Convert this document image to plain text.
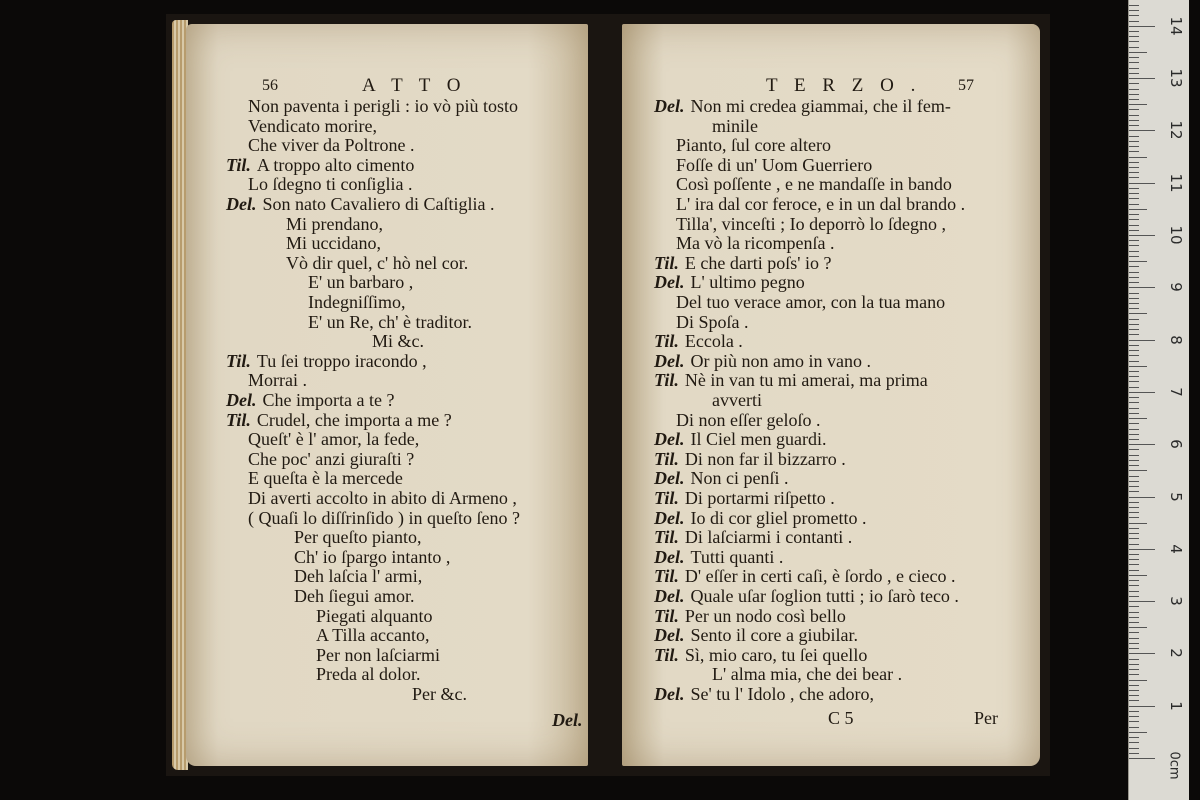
56	A T T O
Non paventa i perigli : io vò più tosto
Vendicato morire,
Che viver da Poltrone .
Til. A troppo alto cimento
Lo ſdegno ti conſiglia .
Del. Son nato Cavaliero di Caſtiglia .
Mi prendano,
Mi uccidano,
Vò dir quel, c' hò nel cor.
E' un barbaro ,
Indegniſſimo,
E' un Re, ch' è traditor.
Mi &c.
Til. Tu ſei troppo iracondo ,
Morrai .
Del. Che importa a te ?
Til. Crudel, che importa a me ?
Queſt' è l' amor, la fede,
Che poc' anzi giuraſti ?
E queſta è la mercede
Di averti accolto in abito di Armeno ,
( Quaſi lo diſſrinſido ) in queſto ſeno ?
Per queſto pianto,
Ch' io ſpargo intanto ,
Deh laſcia l' armi,
Deh ſiegui amor.
Piegati alquanto
A Tilla accanto,
Per non laſciarmi
Preda al dolor.
Per &c.
Del.
T E R Z O . 57
Del. Non mi credea giammai, che il fem-
minile
Pianto, ſul core altero
Foſſe di un' Uom Guerriero
Così poſſente , e ne mandaſſe in bando
L' ira dal cor feroce, e in un dal brando .
Tilla', vinceſti ; Io deporrò lo ſdegno ,
Ma vò la ricompenſa .
Til. E che darti poſs' io ?
Del. L' ultimo pegno
Del tuo verace amor, con la tua mano
Di Spoſa .
Til. Eccola .
Del. Or più non amo in vano .
Til. Nè in van tu mi amerai, ma prima
avverti
Di non eſſer geloſo .
Del. Il Ciel men guardi.
Til. Di non far il bizzarro .
Del. Non ci penſi .
Til. Di portarmi riſpetto .
Del. Io di cor gliel prometto .
Til. Di laſciarmi i contanti .
Del. Tutti quanti .
Til. D' eſſer in certi caſi, è ſordo , e cieco .
Del. Quale uſar ſoglion tutti ; io ſarò teco .
Til. Per un nodo così bello
Del. Sento il core a giubilar.
Til. Sì, mio caro, tu ſei quello
L' alma mia, che dei bear .
Del. Se' tu l' Idolo , che adoro,
C 5	Per
0cm
14
13
12
11
10
9
8
7
6
5
4
3
2
1
